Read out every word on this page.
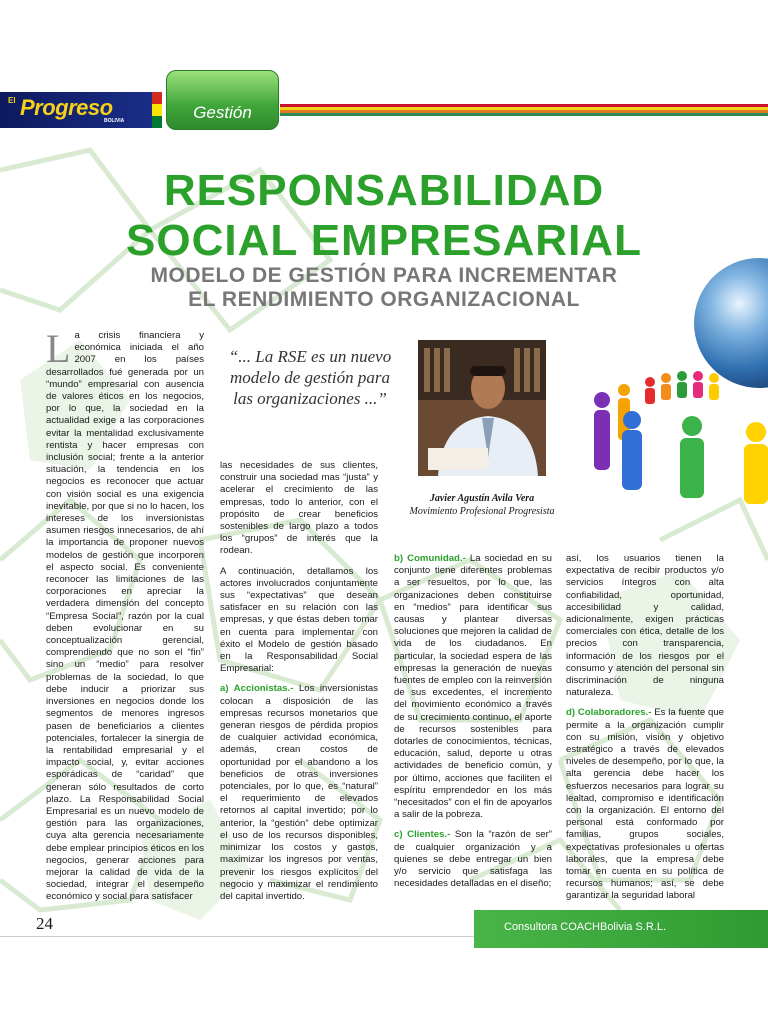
El Progreso
BOLIVIA	Gestión
RESPONSABILIDAD
SOCIAL EMPRESARIAL
MODELO DE GESTIÓN PARA INCREMENTAR
EL RENDIMIENTO ORGANIZACIONAL
L a crisis financiera y económica iniciada el año 2007 en los países desarrollados fué generada por un “mundo” empresarial con ausencia de valores éticos en los negocios, por lo que, la sociedad en la actualidad exige a las corporaciones evitar la mentalidad exclusivamente rentista y hacer empresas con inclusión social; frente a la anterior situación, la tendencia en los negocios es reconocer que actuar con visión social es una exigencia inevitable, por que si no lo hacen, los intereses de los inversionistas asumen riesgos innecesarios, de ahí la importancia de proponer nuevos modelos de gestión que incorporen el aspecto social. Es conveniente reconocer las limitaciones de las corporaciones en apreciar la verdadera dimensión del concepto “Empresa Social”, razón por la cual deben evolucionar en su conceptualización gerencial, comprendiendo que no son el “fin” sino un “medio” para resolver problemas de la sociedad, lo que debe inducir a priorizar sus inversiones en negocios donde los segmentos de menores ingresos pasen de beneficiarios a clientes potenciales, fortalecer la sinergia de la rentabilidad empresarial y el impacto social, y, evitar acciones esporádicas de “caridad” que generan sólo resultados de corto plazo. La Responsabilidad Social Empresarial es un nuevo modelo de gestión para las organizaciones, cuya alta gerencia necesariamente debe emplear principios éticos en los negocios, generar acciones para mejorar la calidad de vida de la sociedad, integrar el desempeño económico y social para satisfacer
“... La RSE es un nuevo modelo de gestión para las organizaciones ...”

las necesidades de sus clientes, construir una sociedad mas “justa” y acelerar el crecimiento de las empresas, todo lo anterior, con el propósito de crear beneficios sostenibles de largo plazo a todos los “grupos” de interés que la rodean.

A continuación, detallamos los actores involucrados conjuntamente sus “expectativas” que desean satisfacer en su relación con las empresas, y que éstas deben tomar en cuenta para implementar con éxito el Modelo de gestión basado en la Responsabilidad Social Empresarial:

a) Accionistas.- Los inversionistas colocan a disposición de las empresas recursos monetarios que generan riesgos de pérdida propios de cualquier actividad económica, además, crean costos de oportunidad por el abandono a los beneficios de otras inversiones potenciales, por lo que, es “natural” el requerimiento de elevados retornos al capital invertido; por lo anterior, la “gestión” debe optimizar el uso de los recursos disponibles, minimizar los costos y gastos, maximizar los ingresos por ventas, prevenir los riesgos explícitos del negocio y maximizar el rendimiento del capital invertido.

Javier Agustín Avila Vera
Movimiento Profesional Progresista

b) Comunidad.- La sociedad en su conjunto tiene diferentes problemas a ser resueltos, por lo que, las organizaciones deben constituirse en “medios” para identificar sus causas y plantear diversas soluciones que mejoren la calidad de vida de los ciudadanos. En particular, la sociedad espera de las empresas la generación de nuevas fuentes de empleo con la reinversión de sus excedentes, el incremento del movimiento económico a través de su crecimiento continuo, el aporte de recursos sostenibles para dotarles de conocimientos, técnicas, educación, salud, deporte u otras actividades de beneficio común, y por último, acciones que faciliten el espíritu emprendedor en los más “necesitados” con el fin de apoyarlos a salir de la pobreza.

c) Clientes.- Son la “razón de ser” de cualquier organización y a quienes se debe entregar un bien y/o servicio que satisfaga las necesidades detalladas en el diseño;

así, los usuarios tienen la expectativa de recibir productos y/o servicios íntegros con alta confiabilidad, oportunidad, accesibilidad y calidad, adicionalmente, exigen prácticas comerciales con ética, detalle de los precios con transparencia, información de los riesgos por el consumo y atención del personal sin discriminación de ninguna naturaleza.

d) Colaboradores.- Es la fuente que permite a la organización cumplir con su misión, visión y objetivo estratégico a través de elevados niveles de desempeño, por lo que, la alta gerencia debe hacer los esfuerzos necesarios para lograr su lealtad, compromiso e identificación con la organización. El entorno del personal está conformado por familias, grupos sociales, expectativas profesionales u ofertas laborales, que la empresa debe tomar en cuenta en su política de recursos humanos; así, se debe garantizar la seguridad laboral

24	Consultora COACHBolivia S.R.L.
